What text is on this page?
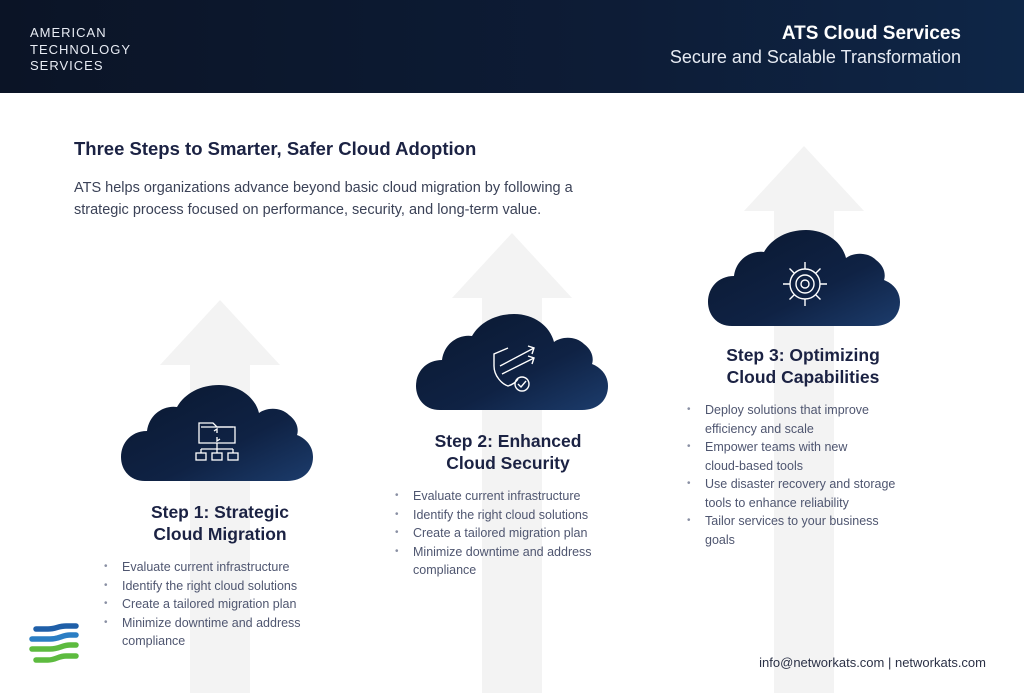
AMERICAN
TECHNOLOGY
SERVICES
ATS Cloud Services
Secure and Scalable Transformation
Three Steps to Smarter, Safer Cloud Adoption
ATS helps organizations advance beyond basic cloud migration by following a strategic process focused on performance, security, and long-term value.
Step 1: Strategic
Cloud Migration
• Evaluate current infrastructure
• Identify the right cloud solutions
• Create a tailored migration plan
• Minimize downtime and address
compliance
Step 2: Enhanced
Cloud Security
• Evaluate current infrastructure
• Identify the right cloud solutions
• Create a tailored migration plan
• Minimize downtime and address
compliance
Step 3: Optimizing
Cloud Capabilities
• Deploy solutions that improve
efficiency and scale
• Empower teams with new
cloud-based tools
• Use disaster recovery and storage
tools to enhance reliability
• Tailor services to your business
goals
info@networkats.com | networkats.com
